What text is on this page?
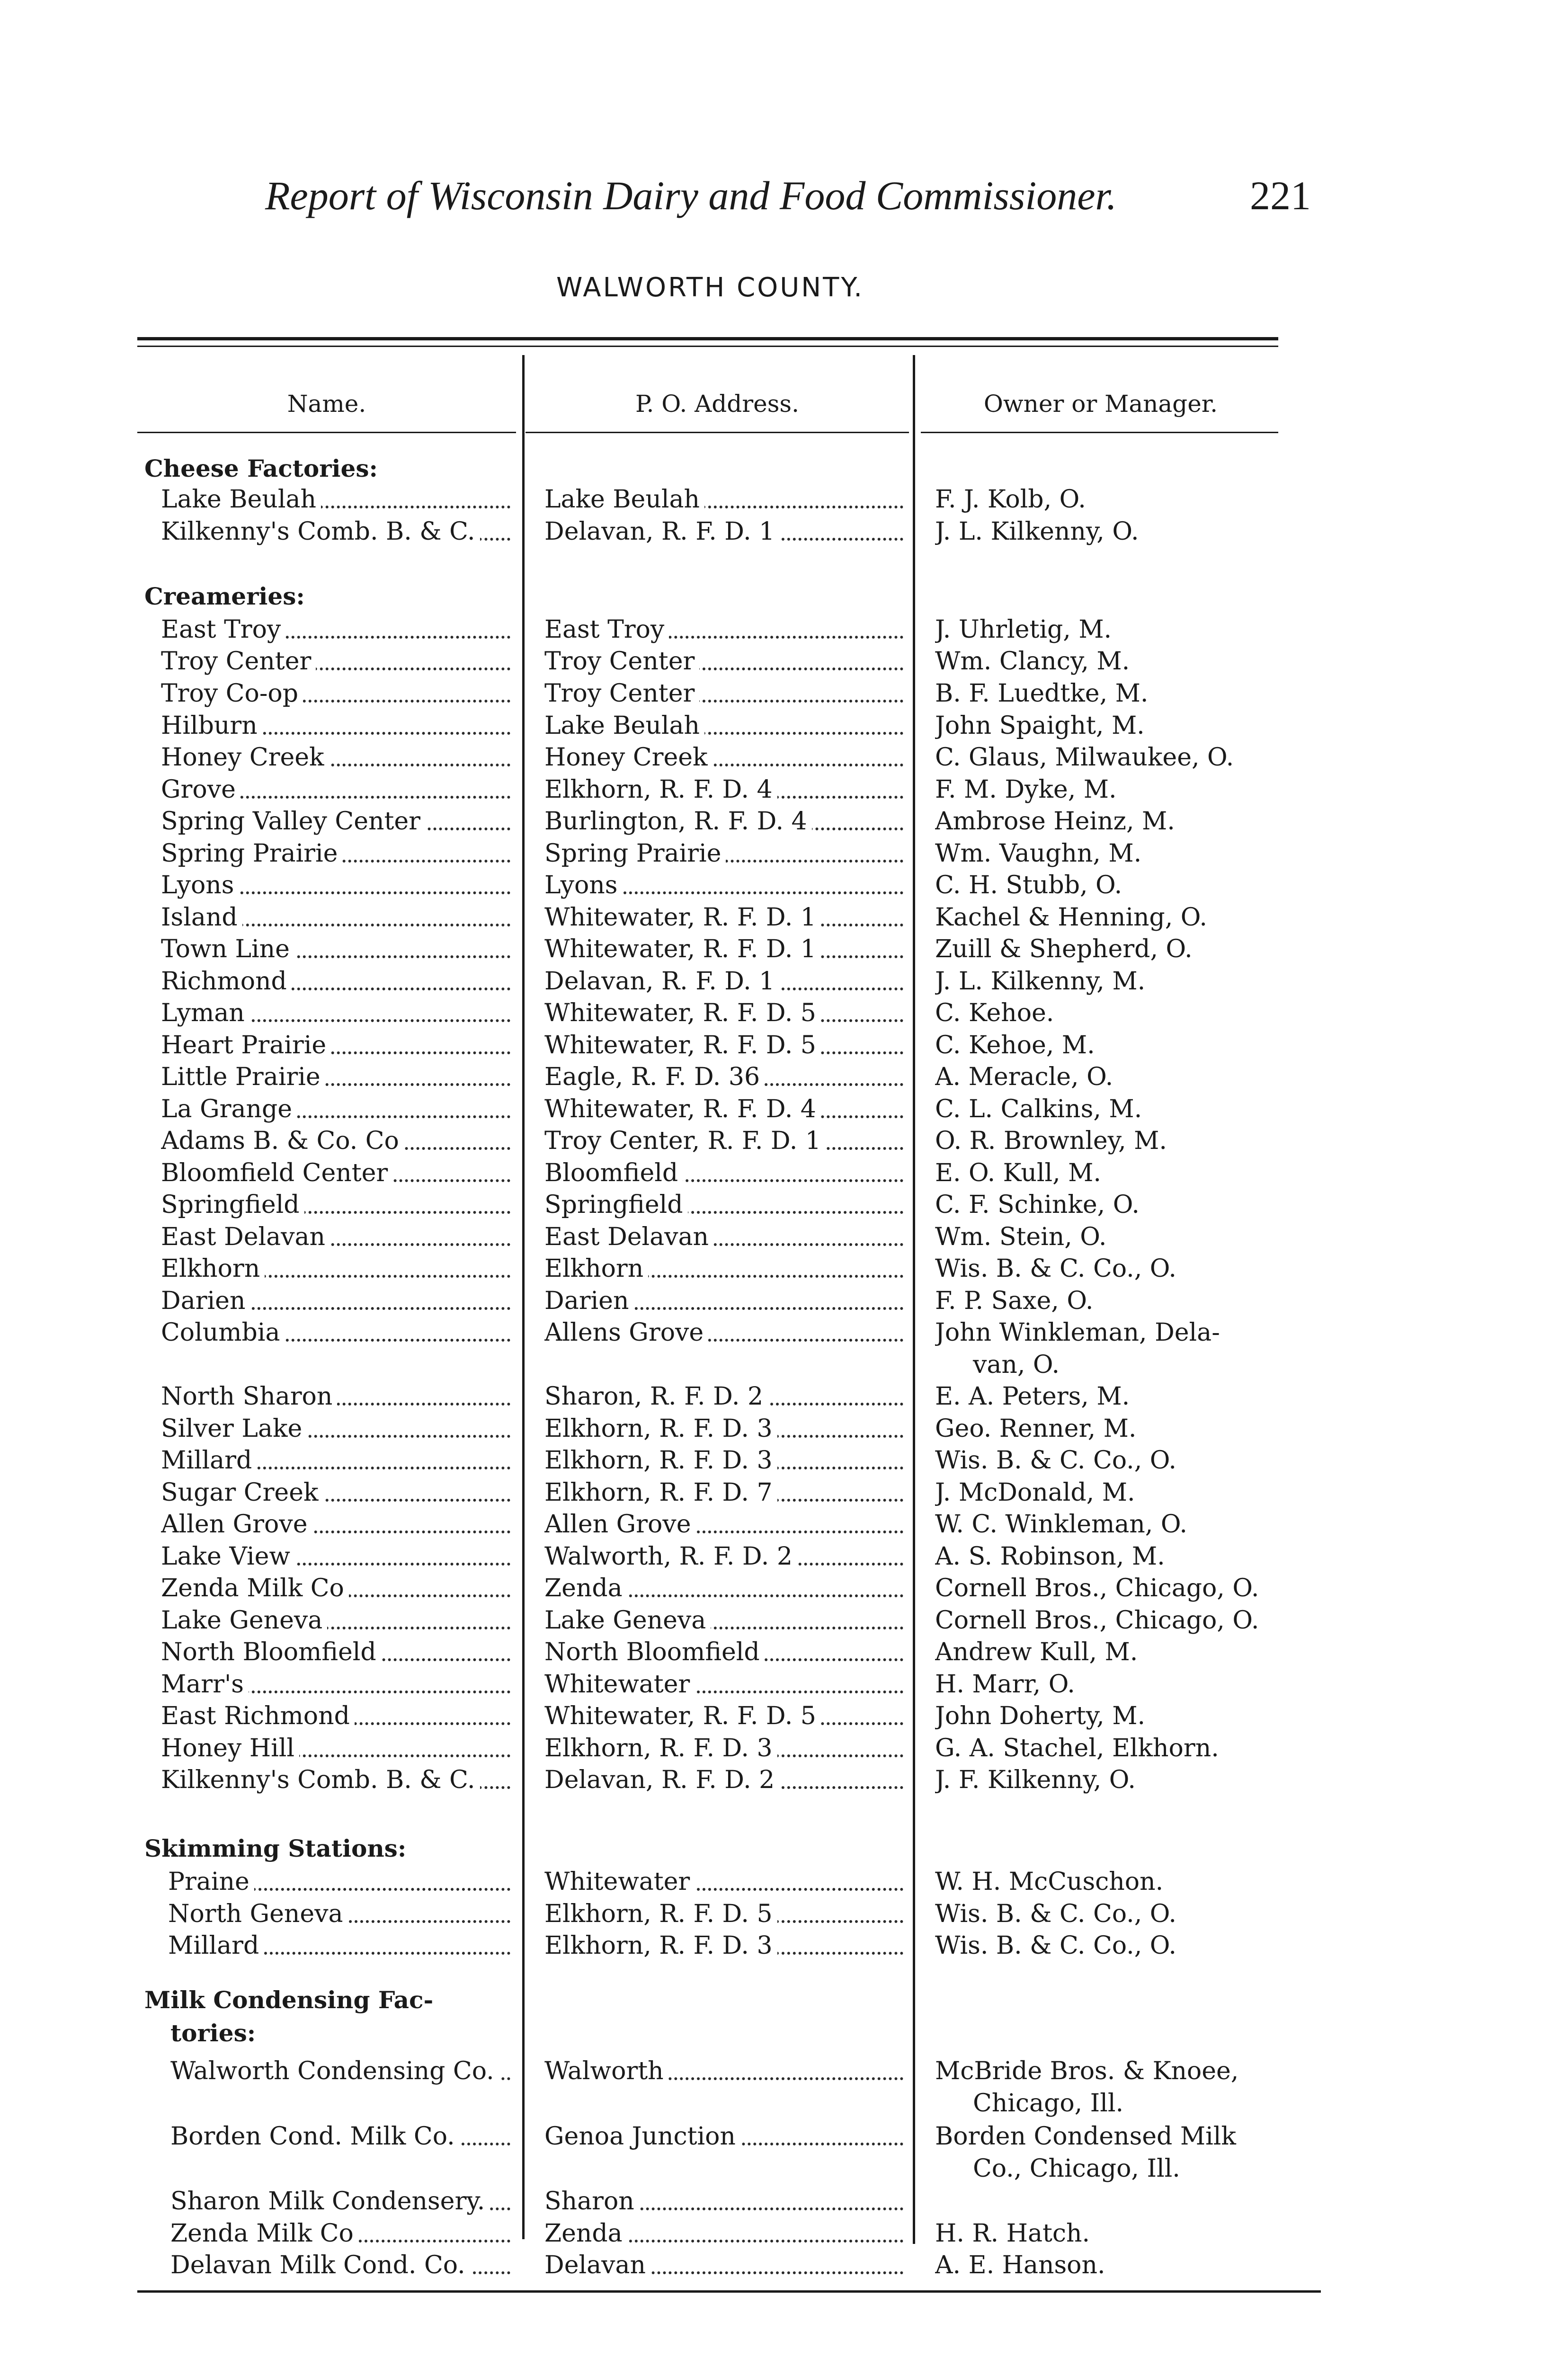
Report of Wisconsin Dairy and Food Commissioner.	221
WALWORTH COUNTY.
Name.	P. O. Address.	Owner or Manager.
Cheese Factories:
Lake Beulah	Lake Beulah	F. J. Kolb, O.
Kilkenny's Comb. B. & C.	Delavan, R. F. D. 1	J. L. Kilkenny, O.
Creameries:
East Troy	East Troy	J. Uhrletig, M.
Troy Center	Troy Center	Wm. Clancy, M.
Troy Co-op	Troy Center	B. F. Luedtke, M.
Hilburn	Lake Beulah	John Spaight, M.
Honey Creek	Honey Creek	C. Glaus, Milwaukee, O.
Grove	Elkhorn, R. F. D. 4	F. M. Dyke, M.
Spring Valley Center	Burlington, R. F. D. 4	Ambrose Heinz, M.
Spring Prairie	Spring Prairie	Wm. Vaughn, M.
Lyons	Lyons	C. H. Stubb, O.
Island	Whitewater, R. F. D. 1	Kachel & Henning, O.
Town Line	Whitewater, R. F. D. 1	Zuill & Shepherd, O.
Richmond	Delavan, R. F. D. 1	J. L. Kilkenny, M.
Lyman	Whitewater, R. F. D. 5	C. Kehoe.
Heart Prairie	Whitewater, R. F. D. 5	C. Kehoe, M.
Little Prairie	Eagle, R. F. D. 36	A. Meracle, O.
La Grange	Whitewater, R. F. D. 4	C. L. Calkins, M.
Adams B. & Co. Co	Troy Center, R. F. D. 1	O. R. Brownley, M.
Bloomfield Center	Bloomfield	E. O. Kull, M.
Springfield	Springfield	C. F. Schinke, O.
East Delavan	East Delavan	Wm. Stein, O.
Elkhorn	Elkhorn	Wis. B. & C. Co., O.
Darien	Darien	F. P. Saxe, O.
Columbia	Allens Grove	John Winkleman, Dela-
van, O.
North Sharon	Sharon, R. F. D. 2	E. A. Peters, M.
Silver Lake	Elkhorn, R. F. D. 3	Geo. Renner, M.
Millard	Elkhorn, R. F. D. 3	Wis. B. & C. Co., O.
Sugar Creek	Elkhorn, R. F. D. 7	J. McDonald, M.
Allen Grove	Allen Grove	W. C. Winkleman, O.
Lake View	Walworth, R. F. D. 2	A. S. Robinson, M.
Zenda Milk Co	Zenda	Cornell Bros., Chicago, O.
Lake Geneva	Lake Geneva	Cornell Bros., Chicago, O.
North Bloomfield	North Bloomfield	Andrew Kull, M.
Marr's	Whitewater	H. Marr, O.
East Richmond	Whitewater, R. F. D. 5	John Doherty, M.
Honey Hill	Elkhorn, R. F. D. 3	G. A. Stachel, Elkhorn.
Kilkenny's Comb. B. & C.	Delavan, R. F. D. 2	J. F. Kilkenny, O.
Skimming Stations:
Praine	Whitewater	W. H. McCuschon.
North Geneva	Elkhorn, R. F. D. 5	Wis. B. & C. Co., O.
Millard	Elkhorn, R. F. D. 3	Wis. B. & C. Co., O.
Milk Condensing Fac-
tories:
Walworth Condensing Co.	Walworth	McBride Bros. & Knoee,
Chicago, Ill.
Borden Cond. Milk Co.	Genoa Junction	Borden Condensed Milk
Co., Chicago, Ill.
Sharon Milk Condensery.	Sharon
Zenda Milk Co	Zenda	H. R. Hatch.
Delavan Milk Cond. Co.	Delavan	A. E. Hanson.
